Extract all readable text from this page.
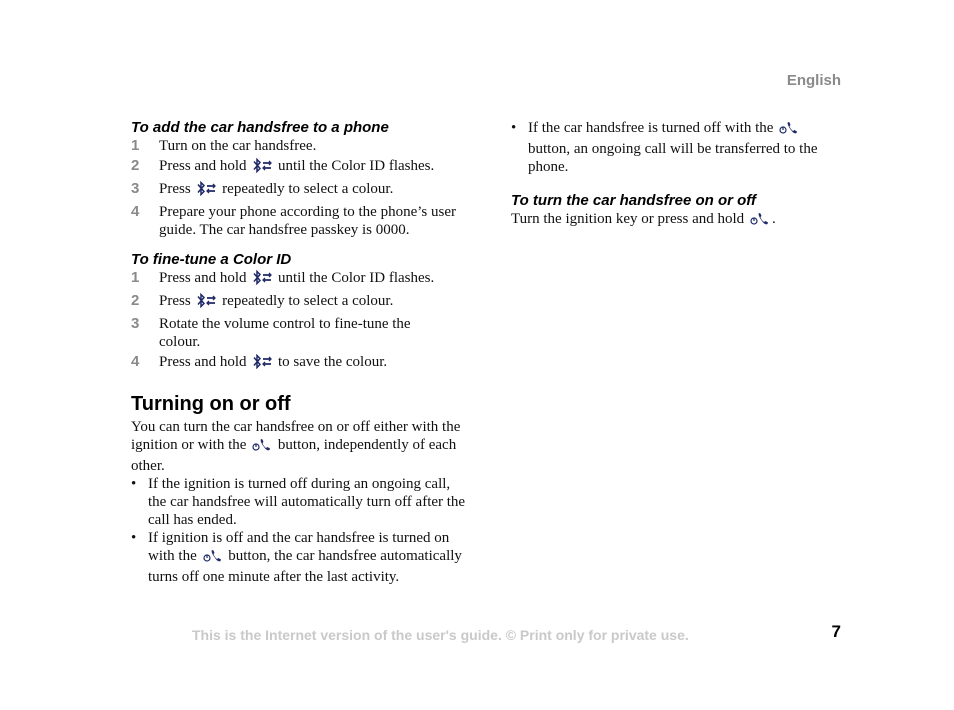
English
To add the car handsfree to a phone
1	Turn on the car handsfree.
2	Press and hold until the Color ID flashes.
3	Press repeatedly to select a colour.
4	Prepare your phone according to the phone’s user guide. The car handsfree passkey is 0000.
To fine-tune a Color ID
1	Press and hold until the Color ID flashes.
2	Press repeatedly to select a colour.
3	Rotate the volume control to fine-tune the colour.
4	Press and hold to save the colour.
Turning on or off

You can turn the car handsfree on or off either with the ignition or with the button, independently of each other.

• If the ignition is turned off during an ongoing call, the car handsfree will automatically turn off after the call has ended.
• If ignition is off and the car handsfree is turned on with the button, the car handsfree automatically turns off one minute after the last activity.
• If the car handsfree is turned off with the  button, an ongoing call will be transferred to the phone.
To turn the car handsfree on or off

Turn the ignition key or press and hold .

This is the Internet version of the user's guide. © Print only for private use.	7
